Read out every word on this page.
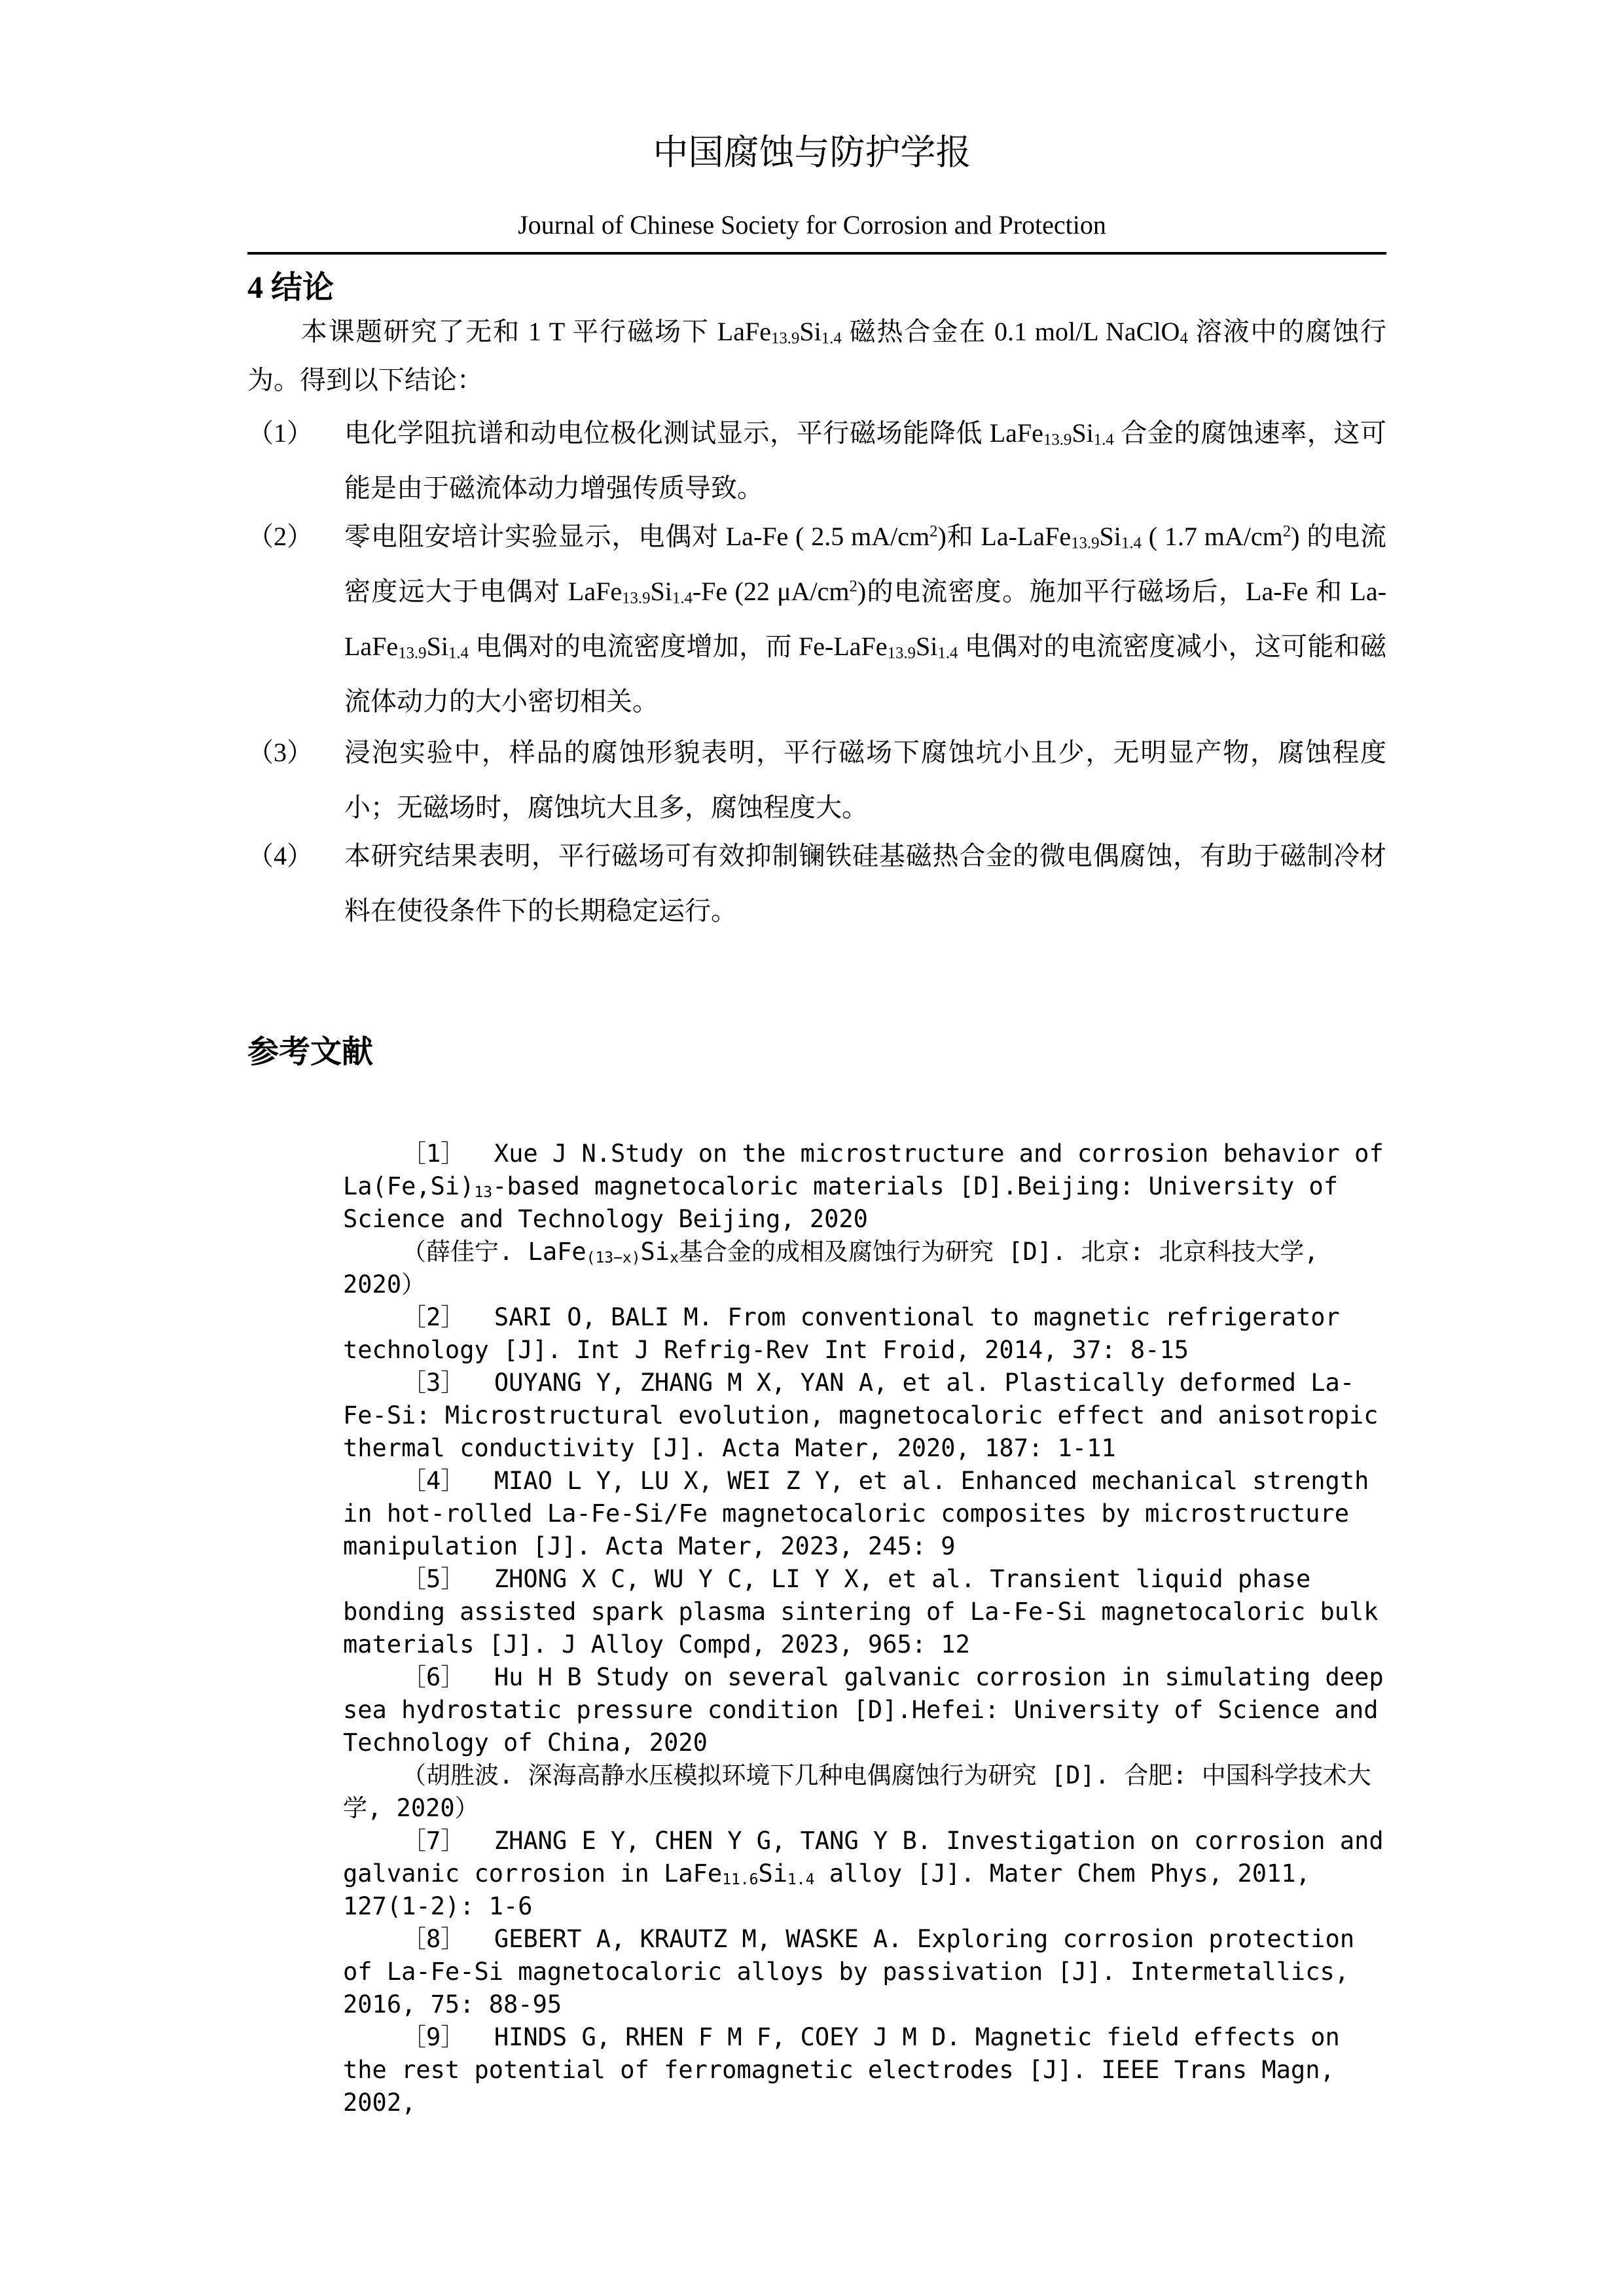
中国腐蚀与防护学报
Journal of Chinese Society for Corrosion and Protection
4 结论
本课题研究了无和 1 T 平行磁场下 $LaFe_{13.9}Si_{1.4}$ 磁热合金在 0.1 mol/L NaClO$_4$ 溶液中的腐蚀行为。得到以下结论：
（1） 电化学阻抗谱和动电位极化测试显示，平行磁场能降低 $LaFe_{13.9}Si_{1.4}$ 合金的腐蚀速率，这可能是由于磁流体动力增强传质导致。
（2） 零电阻安培计实验显示，电偶对 La-Fe ( 2.5 $mA/cm^2$)和 $La-LaFe_{13.9}Si_{1.4}$ ( 1.7 $mA/cm^2$) 的电流密度远大于电偶对 $LaFe_{13.9}Si_{1.4}-Fe$ (22 $\mu A/cm^2$)的电流密度。施加平行磁场后，La-Fe 和 $La-LaFe_{13.9}Si_{1.4}$ 电偶对的电流密度增加，而 $Fe-LaFe_{13.9}Si_{1.4}$ 电偶对的电流密度减小，这可能和磁流体动力的大小密切相关。
（3） 浸泡实验中，样品的腐蚀形貌表明，平行磁场下腐蚀坑小且少，无明显产物，腐蚀程度小；无磁场时，腐蚀坑大且多，腐蚀程度大。
（4） 本研究结果表明，平行磁场可有效抑制镧铁硅基磁热合金的微电偶腐蚀，有助于磁制冷材料在使役条件下的长期稳定运行。
参考文献

［1］  Xue J N.Study on the microstructure and corrosion behavior of $La(Fe,Si)_{13}$-based magnetocaloric materials [D].Beijing: University of Science and Technology Beijing, 2020

（薛佳宁. $LaFe_{(13-x)}Si_x$基合金的成相及腐蚀行为研究 [D]. 北京: 北京科技大学, 2020）

［2］  SARI O, BALI M. From conventional to magnetic refrigerator technology [J]. Int J Refrig-Rev Int Froid, 2014, 37: 8-15

［3］  OUYANG Y, ZHANG M X, YAN A, et al. Plastically deformed La-Fe-Si: Microstructural evolution, magnetocaloric effect and anisotropic thermal conductivity [J]. Acta Mater, 2020, 187: 1-11

［4］  MIAO L Y, LU X, WEI Z Y, et al. Enhanced mechanical strength in hot-rolled La-Fe-Si/Fe magnetocaloric composites by microstructure manipulation [J]. Acta Mater, 2023, 245: 9

［5］  ZHONG X C, WU Y C, LI Y X, et al. Transient liquid phase bonding assisted spark plasma sintering of La-Fe-Si magnetocaloric bulk materials [J]. J Alloy Compd, 2023, 965: 12

［6］  Hu H B Study on several galvanic corrosion in simulating deep sea hydrostatic pressure condition [D].Hefei: University of Science and Technology of China, 2020

（胡胜波. 深海高静水压模拟环境下几种电偶腐蚀行为研究 [D]. 合肥: 中国科学技术大学, 2020）

［7］  ZHANG E Y, CHEN Y G, TANG Y B. Investigation on corrosion and galvanic corrosion in $LaFe_{11.6}Si_{1.4}$ alloy [J]. Mater Chem Phys, 2011, 127(1-2): 1-6

［8］  GEBERT A, KRAUTZ M, WASKE A. Exploring corrosion protection of La-Fe-Si magnetocaloric alloys by passivation [J]. Intermetallics, 2016, 75: 88-95

［9］  HINDS G, RHEN F M F, COEY J M D. Magnetic field effects on the rest potential of ferromagnetic electrodes [J]. IEEE Trans Magn, 2002,
